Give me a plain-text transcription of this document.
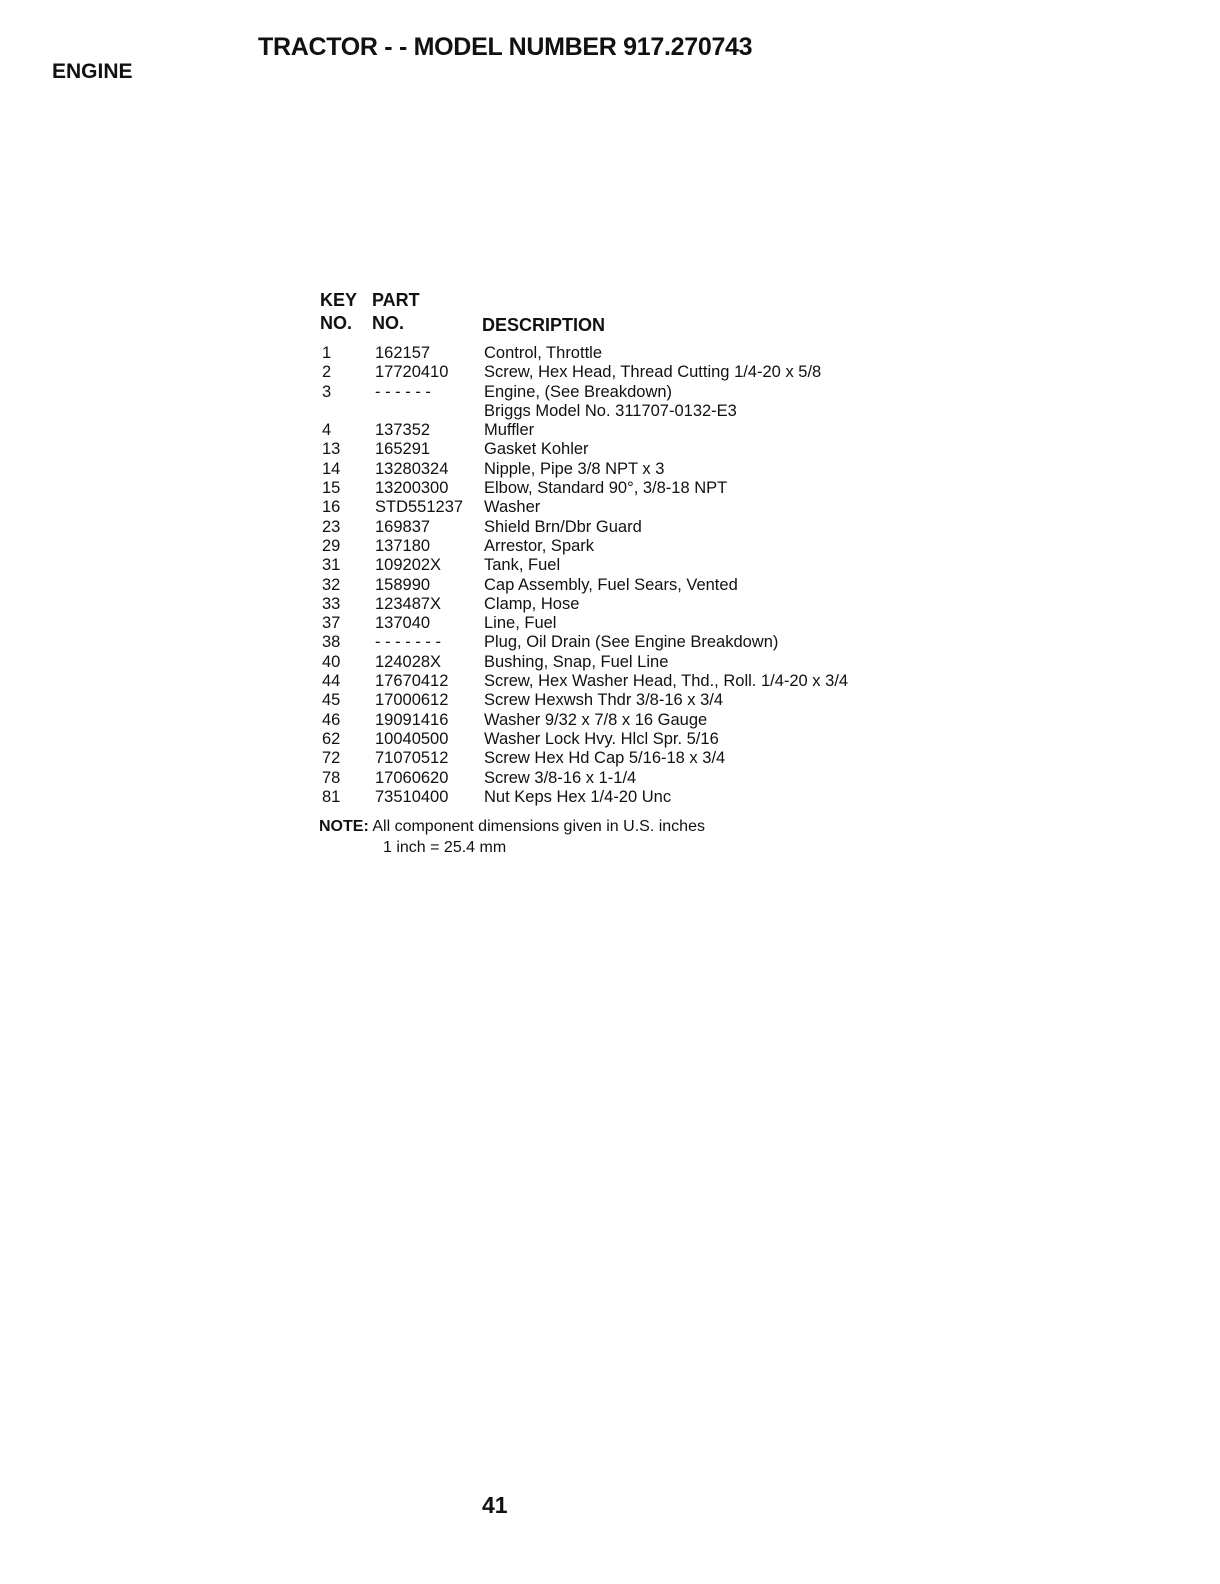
TRACTOR - - MODEL NUMBER 917.270743
ENGINE
KEY PART
NO. NO.	DESCRIPTION
1	162157	Control, Throttle
2	17720410 Screw, Hex Head, Thread Cutting 1/4-20 x 5/8
3	- - - - - -	Engine, (See Breakdown)
Briggs Model No. 311707-0132-E3
4	137352	Muffler
13 165291	Gasket Kohler
14 13280324 Nipple, Pipe 3/8 NPT x 3
15 13200300 Elbow, Standard 90°, 3/8-18 NPT
16 STD551237 Washer
23 169837	Shield Brn/Dbr Guard
29 137180	Arrestor, Spark
31 109202X	Tank, Fuel
32 158990	Cap Assembly, Fuel Sears, Vented
33 123487X	Clamp, Hose
37 137040	Line, Fuel
38 - - - - - - -	Plug, Oil Drain (See Engine Breakdown)
40 124028X	Bushing, Snap, Fuel Line
44 17670412 Screw, Hex Washer Head, Thd., Roll. 1/4-20 x 3/4
45 17000612 Screw Hexwsh Thdr 3/8-16 x 3/4
46 19091416 Washer 9/32 x 7/8 x 16 Gauge
62 10040500 Washer Lock Hvy. Hlcl Spr. 5/16
72 71070512 Screw Hex Hd Cap 5/16-18 x 3/4
78 17060620 Screw 3/8-16 x 1-1/4
81 73510400 Nut Keps Hex 1/4-20 Unc
NOTE: All component dimensions given in U.S. inches
1 inch = 25.4 mm
41
